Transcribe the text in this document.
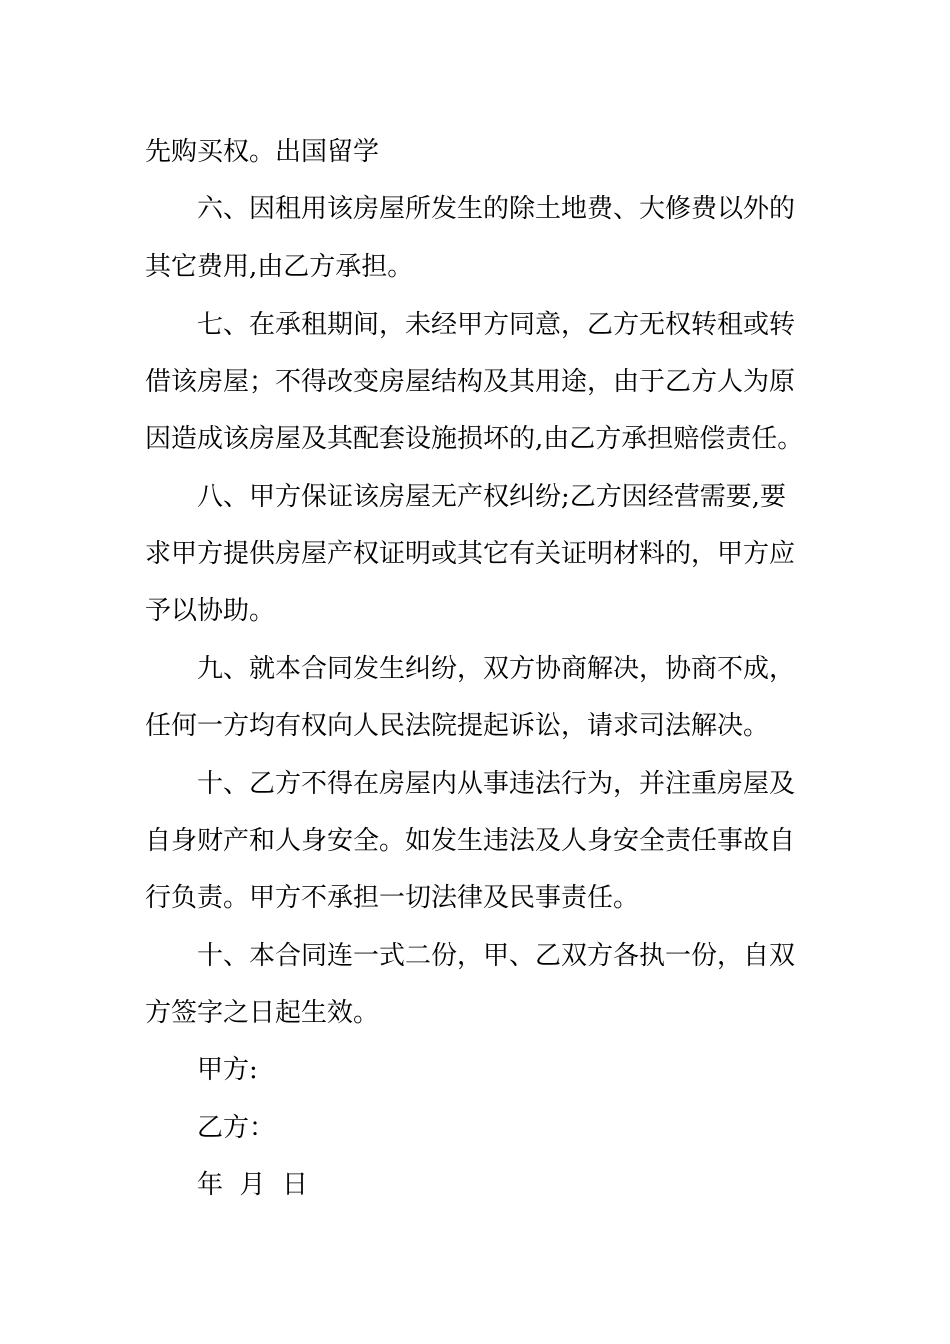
先购买权。出国留学
六、因租用该房屋所发生的除土地费、大修费以外的
其它费用,由乙方承担。
七、在承租期间，未经甲方同意，乙方无权转租或转
借该房屋；不得改变房屋结构及其用途，由于乙方人为原
因造成该房屋及其配套设施损坏的,由乙方承担赔偿责任。
八、甲方保证该房屋无产权纠纷;乙方因经营需要,要
求甲方提供房屋产权证明或其它有关证明材料的，甲方应
予以协助。
九、就本合同发生纠纷，双方协商解决，协商不成，
任何一方均有权向人民法院提起诉讼，请求司法解决。
十、乙方不得在房屋内从事违法行为，并注重房屋及
自身财产和人身安全。如发生违法及人身安全责任事故自
行负责。甲方不承担一切法律及民事责任。
十、本合同连一式二份，甲、乙双方各执一份，自双
方签字之日起生效。
甲方:
乙方：
年  月  日
